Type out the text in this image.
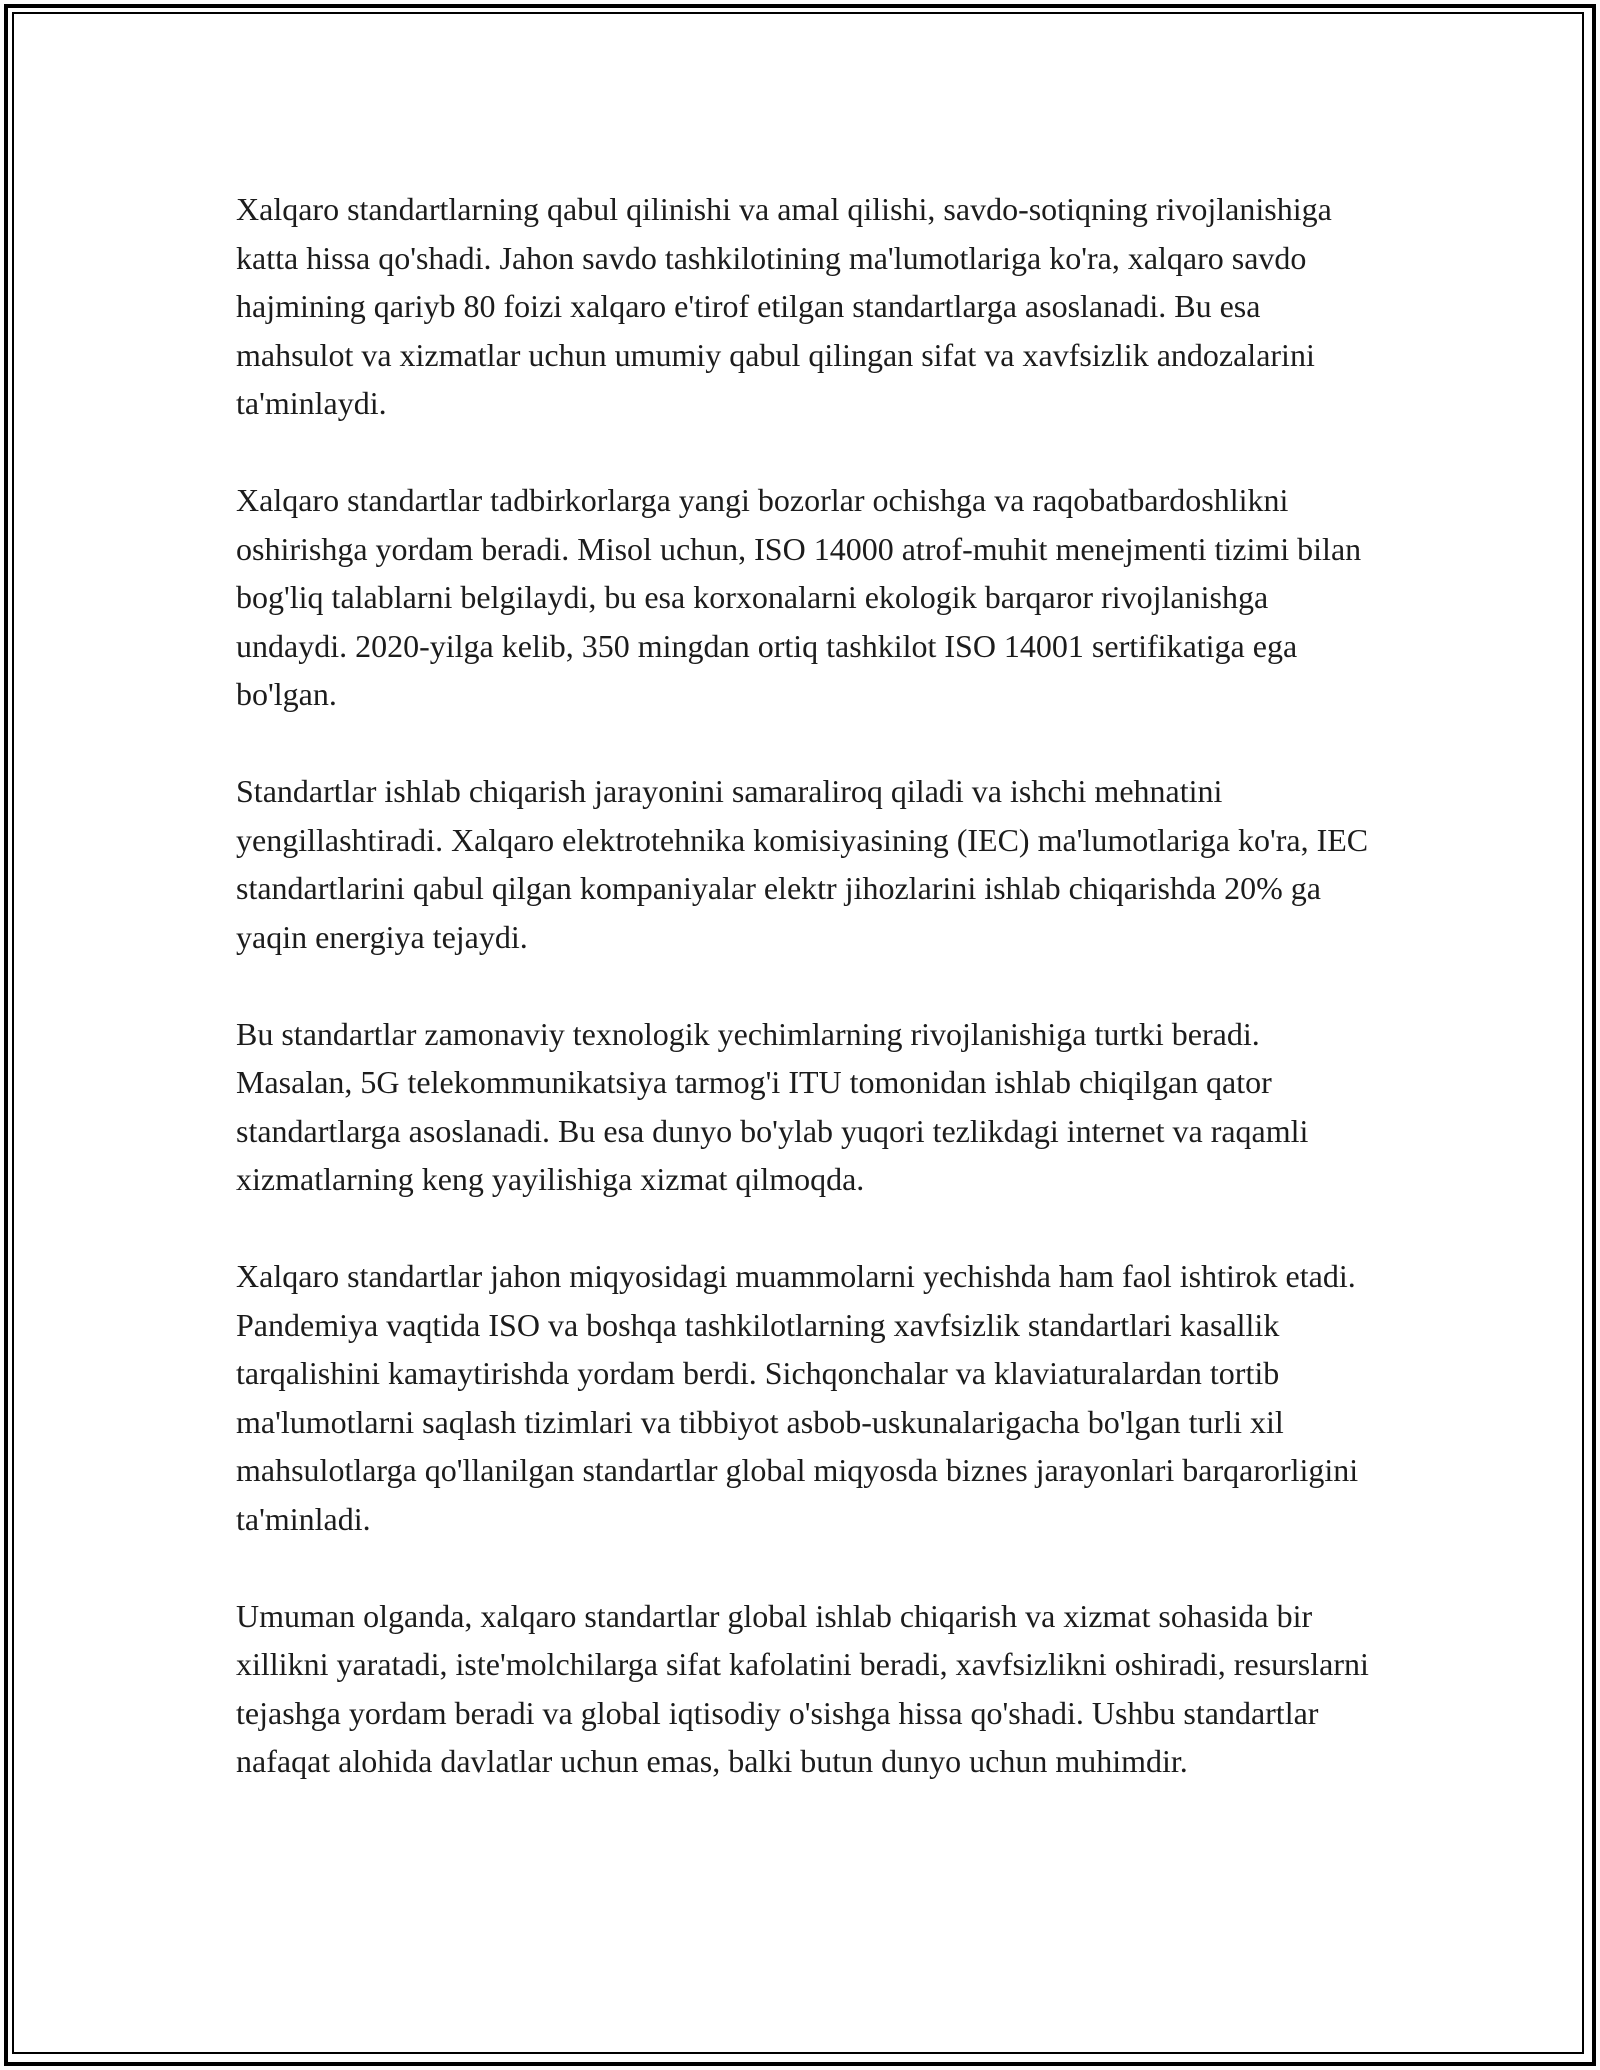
Xalqaro standartlarning qabul qilinishi va amal qilishi, savdo-sotiqning rivojlanishiga katta hissa qo'shadi. Jahon savdo tashkilotining ma'lumotlariga ko'ra, xalqaro savdo hajmining qariyb 80 foizi xalqaro e'tirof etilgan standartlarga asoslanadi. Bu esa mahsulot va xizmatlar uchun umumiy qabul qilingan sifat va xavfsizlik andozalarini ta'minlaydi.

Xalqaro standartlar tadbirkorlarga yangi bozorlar ochishga va raqobatbardoshlikni oshirishga yordam beradi. Misol uchun, ISO 14000 atrof-muhit menejmenti tizimi bilan bog'liq talablarni belgilaydi, bu esa korxonalarni ekologik barqaror rivojlanishga undaydi. 2020-yilga kelib, 350 mingdan ortiq tashkilot ISO 14001 sertifikatiga ega bo'lgan.

Standartlar ishlab chiqarish jarayonini samaraliroq qiladi va ishchi mehnatini yengillashtiradi. Xalqaro elektrotehnika komisiyasining (IEC) ma'lumotlariga ko'ra, IEC standartlarini qabul qilgan kompaniyalar elektr jihozlarini ishlab chiqarishda 20% ga yaqin energiya tejaydi.

Bu standartlar zamonaviy texnologik yechimlarning rivojlanishiga turtki beradi. Masalan, 5G telekommunikatsiya tarmog'i ITU tomonidan ishlab chiqilgan qator standartlarga asoslanadi. Bu esa dunyo bo'ylab yuqori tezlikdagi internet va raqamli xizmatlarning keng yayilishiga xizmat qilmoqda.

Xalqaro standartlar jahon miqyosidagi muammolarni yechishda ham faol ishtirok etadi. Pandemiya vaqtida ISO va boshqa tashkilotlarning xavfsizlik standartlari kasallik tarqalishini kamaytirishda yordam berdi. Sichqonchalar va klaviaturalardan tortib ma'lumotlarni saqlash tizimlari va tibbiyot asbob-uskunalarigacha bo'lgan turli xil mahsulotlarga qo'llanilgan standartlar global miqyosda biznes jarayonlari barqarorligini ta'minladi.

Umuman olganda, xalqaro standartlar global ishlab chiqarish va xizmat sohasida bir xillikni yaratadi, iste'molchilarga sifat kafolatini beradi, xavfsizlikni oshiradi, resurslarni tejashga yordam beradi va global iqtisodiy o'sishga hissa qo'shadi. Ushbu standartlar nafaqat alohida davlatlar uchun emas, balki butun dunyo uchun muhimdir.
